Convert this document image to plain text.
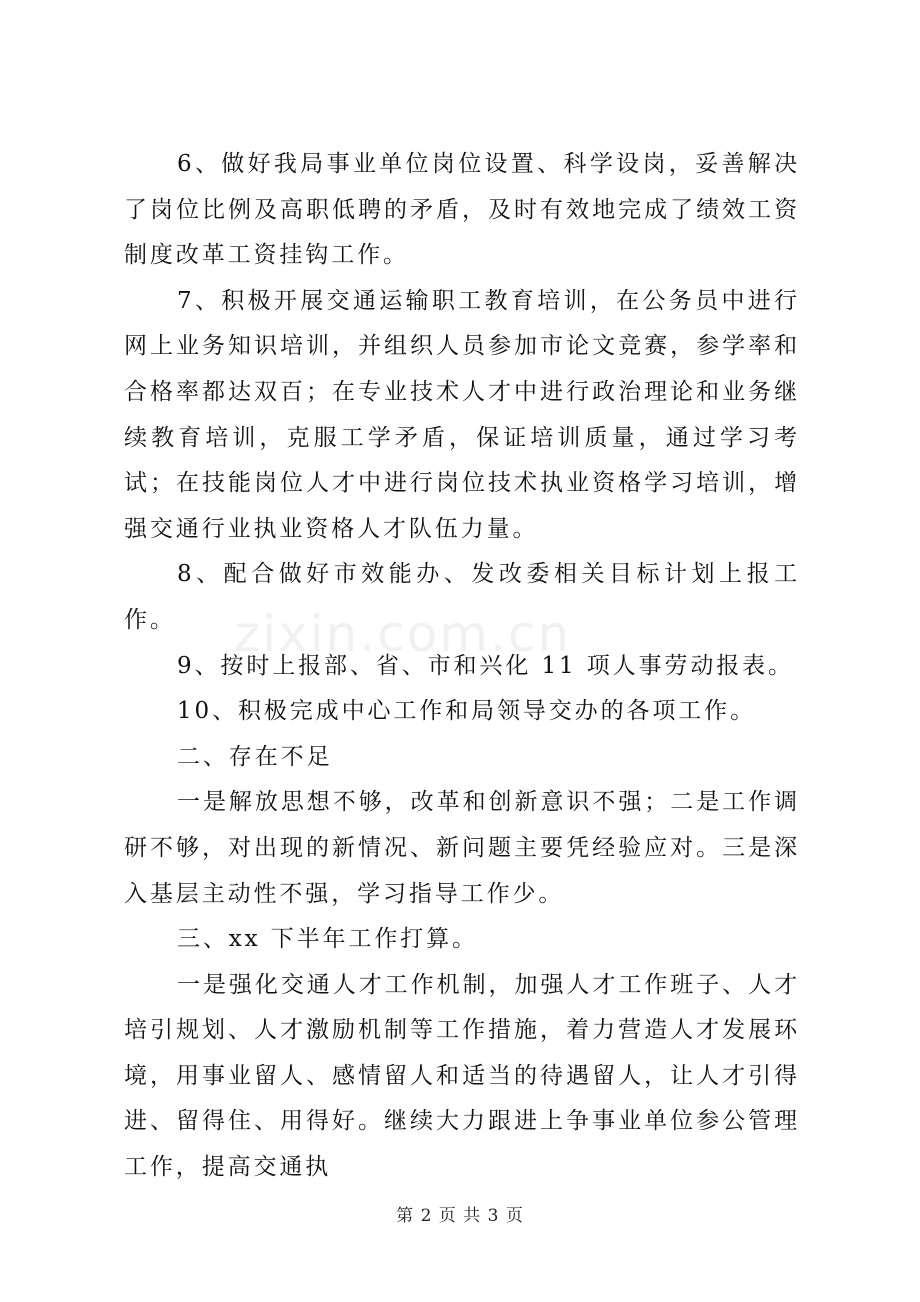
zixin.com.cn

6、做好我局事业单位岗位设置、科学设岗，妥善解决了岗位比例及高职低聘的矛盾，及时有效地完成了绩效工资制度改革工资挂钩工作。

7、积极开展交通运输职工教育培训，在公务员中进行网上业务知识培训，并组织人员参加市论文竞赛，参学率和合格率都达双百；在专业技术人才中进行政治理论和业务继续教育培训，克服工学矛盾，保证培训质量，通过学习考试；在技能岗位人才中进行岗位技术执业资格学习培训，增强交通行业执业资格人才队伍力量。

8、配合做好市效能办、发改委相关目标计划上报工作。

9、按时上报部、省、市和兴化 11 项人事劳动报表。

10、积极完成中心工作和局领导交办的各项工作。

二、存在不足

一是解放思想不够，改革和创新意识不强；二是工作调研不够，对出现的新情况、新问题主要凭经验应对。三是深入基层主动性不强，学习指导工作少。

三、xx 下半年工作打算。

一是强化交通人才工作机制，加强人才工作班子、人才培引规划、人才激励机制等工作措施，着力营造人才发展环境，用事业留人、感情留人和适当的待遇留人，让人才引得进、留得住、用得好。继续大力跟进上争事业单位参公管理工作，提高交通执

第 2 页 共 3 页
